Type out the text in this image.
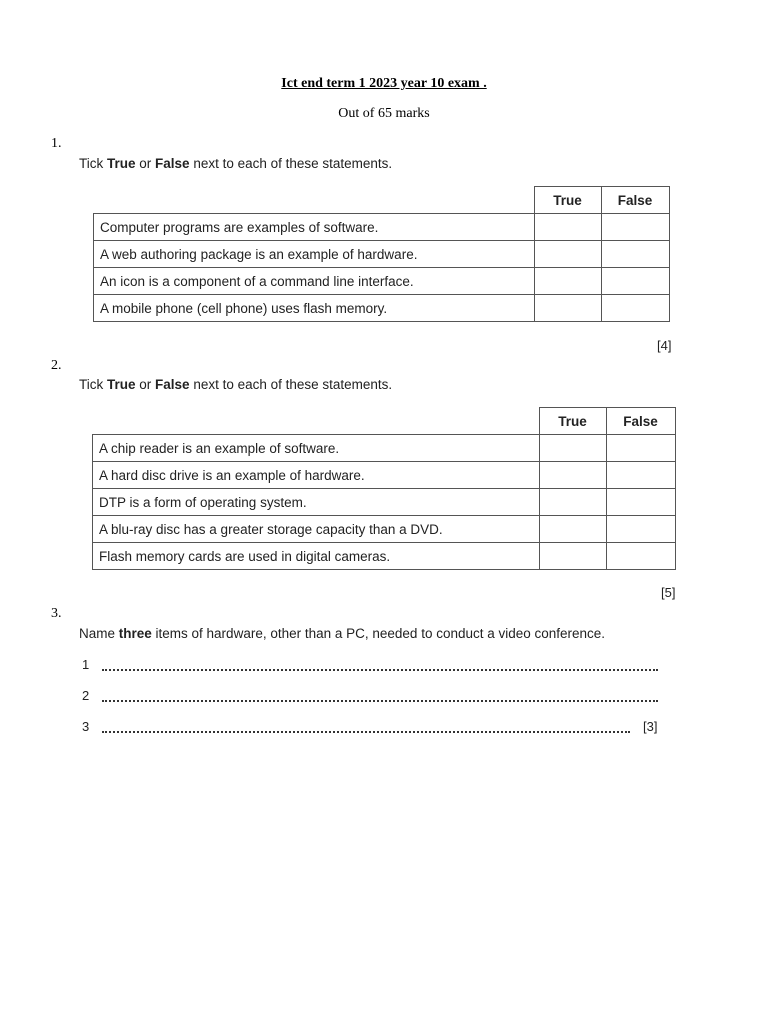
Ict end term 1 2023 year 10 exam .
Out of 65 marks
1.
Tick True or False next to each of these statements.
	True	False
Computer programs are examples of software.		
A web authoring package is an example of hardware.		
An icon is a component of a command line interface.		
A mobile phone (cell phone) uses flash memory.		
[4]
2.
Tick True or False next to each of these statements.
	True	False
A chip reader is an example of software.		
A hard disc drive is an example of hardware.		
DTP is a form of operating system.		
A blu-ray disc has a greater storage capacity than a DVD.		
Flash memory cards are used in digital cameras.		
[5]
3.
Name three items of hardware, other than a PC, needed to conduct a video conference.
1
2
3	[3]
